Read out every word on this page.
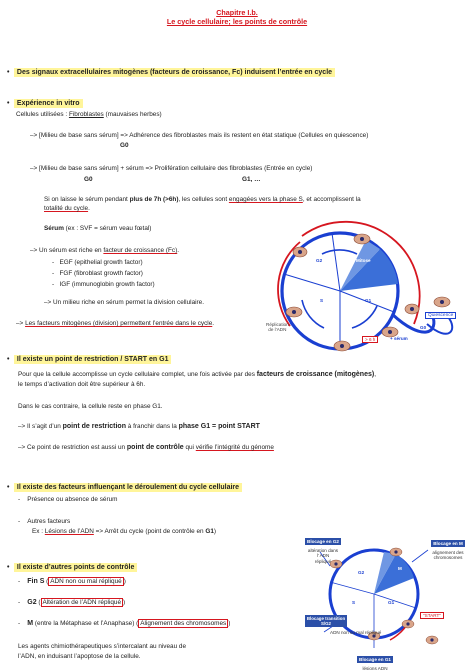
Chapitre I.b.
Le cycle cellulaire; les points de contrôle
• Des signaux extracellulaires mitogènes (facteurs de croissance, Fc) induisent l’entrée en cycle
• Expérience in vitro
Cellules utilisées : Fibroblastes (mauvaises herbes)
–> [Milieu de base sans sérum] => Adhérence des fibroblastes mais ils restent en état statique (Cellules en quiescence)
G0
–> [Milieu de base sans sérum] + sérum => Prolifération cellulaire des fibroblastes (Entrée en cycle)
G0	G1, …
Si on laisse le sérum pendant plus de 7h (>6h), les cellules sont engagées vers la phase S, et accomplissent la
totalité du cycle.
Sérum (ex : SVF = sérum veau fœtal)
–> Un sérum est riche en facteur de croissance (Fc).
-   EGF (epithelial growth factor)
-   FGF (fibroblast growth factor)
-   IGF (immunoglobin growth factor)
–> Un milieu riche en sérum permet la division cellulaire.
–> Les facteurs mitogènes (division) permettent l’entrée dans le cycle.
Mitose
G2
S	G1
Quiescence
G0
Réplication
de l’ADN
> 6 h	+ sérum
• Il existe un point de restriction / START en G1
Pour que la cellule accomplisse un cycle cellulaire complet, une fois activée par des facteurs de croissance (mitogènes),
le temps d’activation doit être supérieur à 6h.
Dans le cas contraire, la cellule reste en phase G1.
–> Il s’agit d’un point de restriction à franchir dans la phase G1 = point START
–> Ce point de restriction est aussi un point de contrôle qui vérifie l’intégrité du génome
• Il existe des facteurs influençant le déroulement du cycle cellulaire
- Présence ou absence de sérum
- Autres facteurs
Ex : Lésions de l’ADN => Arrêt du cycle (point de contrôle en G1)
• Il existe d’autres points de contrôle
- Fin S ( ADN non ou mal répliqué )
- G2 ( Altération de l’ADN répliqué )
- M (entre la Métaphase et l’Anaphase) ( Alignement des chromosomes )
Les agents chimiothérapeutiques s’intercalant au niveau de
l’ADN, en induisant l’apoptose de la cellule.
Blocage en G2
altération dans
l’ ADN
répliqué
Blocage en M
alignement des
chromosomes
Blocage transition
S/G2
ADN non ou mal répliqué
"START"
Blocage en G1
lésions ADN
G2
S	G1
M
